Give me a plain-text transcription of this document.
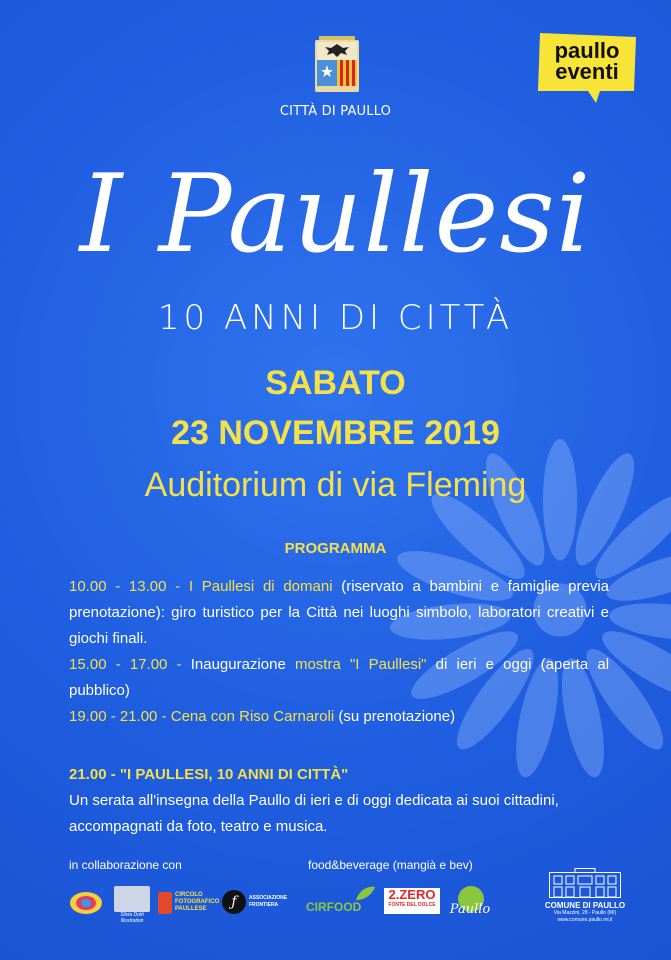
CITTÀ DI PAULLO
paullo
eventi
I Paullesi
10 ANNI DI CITTÀ
SABATO
23 NOVEMBRE 2019
Auditorium di via Fleming
PROGRAMMA

10.00 - 13.00 - I Paullesi di domani (riservato a bambini e famiglie previa prenotazione): giro turistico per la Città nei luoghi simbolo, laboratori creativi e giochi finali.

15.00 - 17.00 - Inaugurazione mostra "I Paullesi" di ieri e oggi (aperta al pubblico)

19.00 - 21.00 - Cena con Riso Carnaroli (su prenotazione)

21.00 - "I PAULLESI, 10 ANNI DI CITTÀ"
Un serata all'insegna della Paullo di ieri e di oggi dedicata ai suoi cittadini, accompagnati da foto, teatro e musica.
in collaborazione con	food&beverage (mangià e bev)
Silvia Dotti Illustration
CIRCOLO FOTOGRAFICO PAULLESE	ƒ	ASSOCIAZIONE FRONTIERA	CIRFOOD
2.ZERO
FONTE DEL DOLCE	Paullo	COMUNE DI PAULLO
Via Mazzini, 28 - Paullo (MI)
www.comune.paullo.mi.it
